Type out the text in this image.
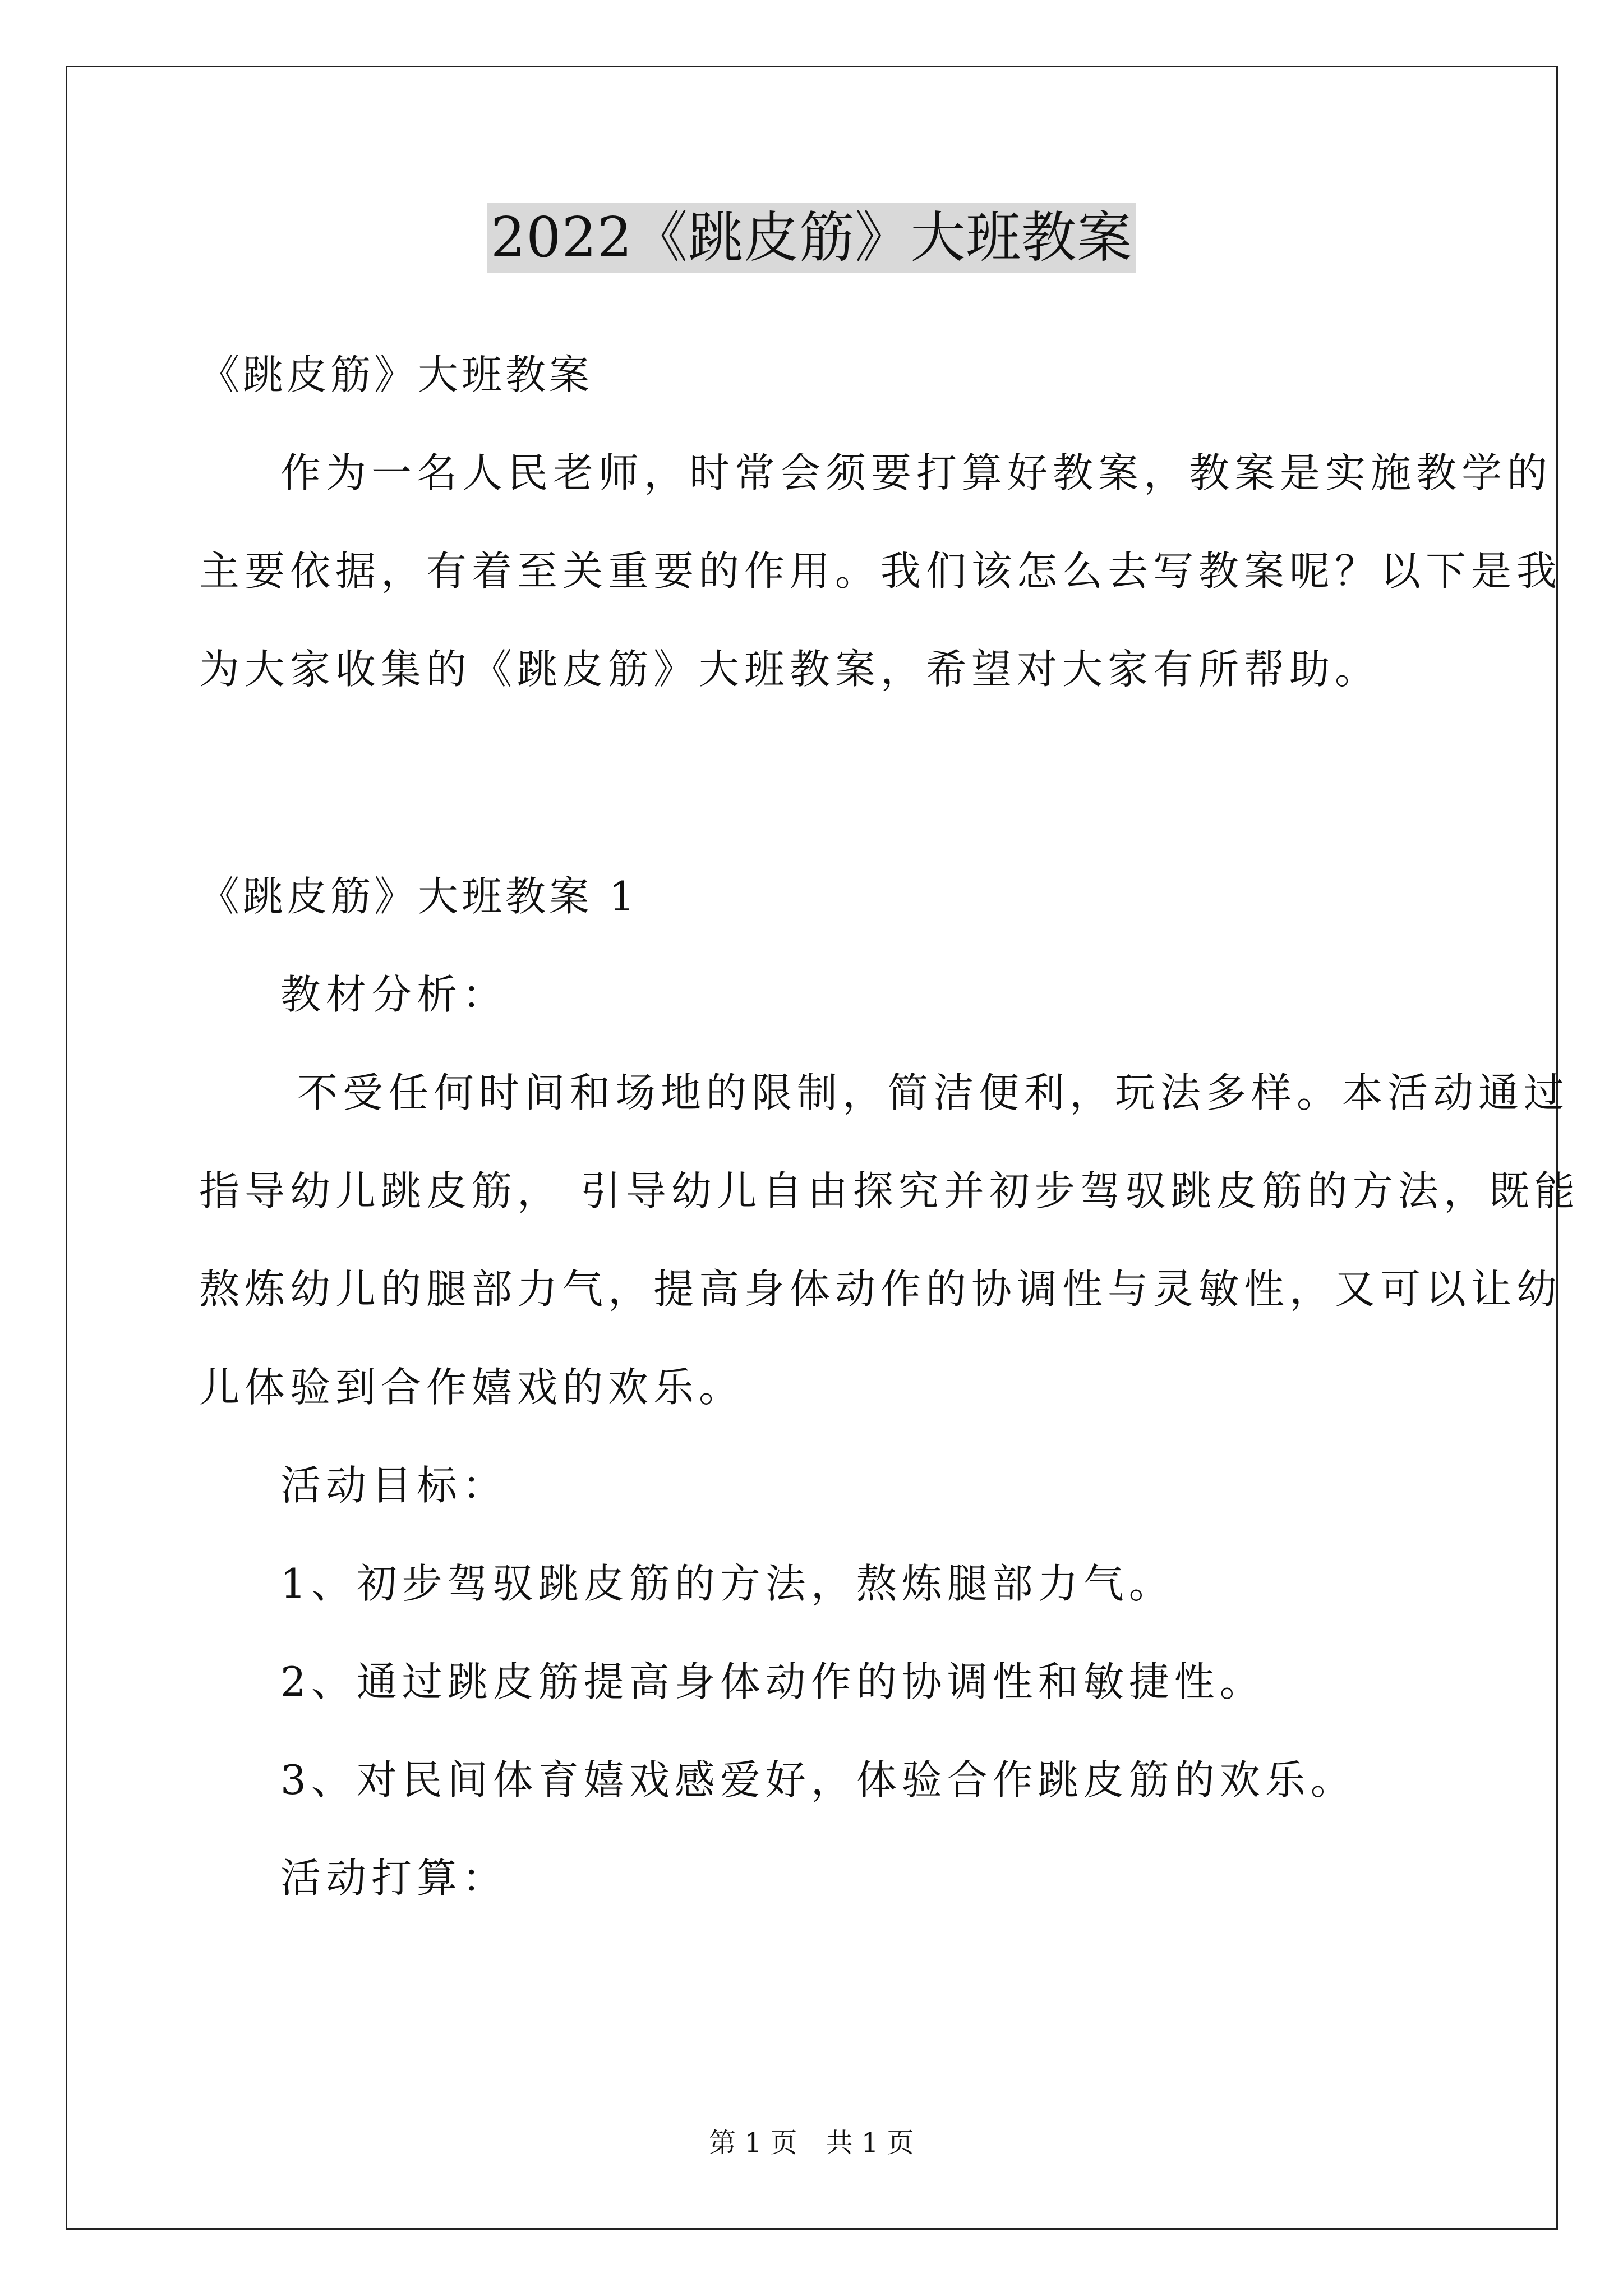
2022《跳皮筋》大班教案
《跳皮筋》大班教案
作为一名人民老师，时常会须要打算好教案，教案是实施教学的
主要依据，有着至关重要的作用。我们该怎么去写教案呢？以下是我
为大家收集的《跳皮筋》大班教案，希望对大家有所帮助。
《跳皮筋》大班教案 1
教材分析：
不受任何时间和场地的限制，简洁便利，玩法多样。本活动通过
指导幼儿跳皮筋， 引导幼儿自由探究并初步驾驭跳皮筋的方法，既能
熬炼幼儿的腿部力气，提高身体动作的协调性与灵敏性，又可以让幼
儿体验到合作嬉戏的欢乐。
活动目标：
1、初步驾驭跳皮筋的方法，熬炼腿部力气。
2、通过跳皮筋提高身体动作的协调性和敏捷性。
3、对民间体育嬉戏感爱好，体验合作跳皮筋的欢乐。
活动打算：
第 1 页 共 1 页
